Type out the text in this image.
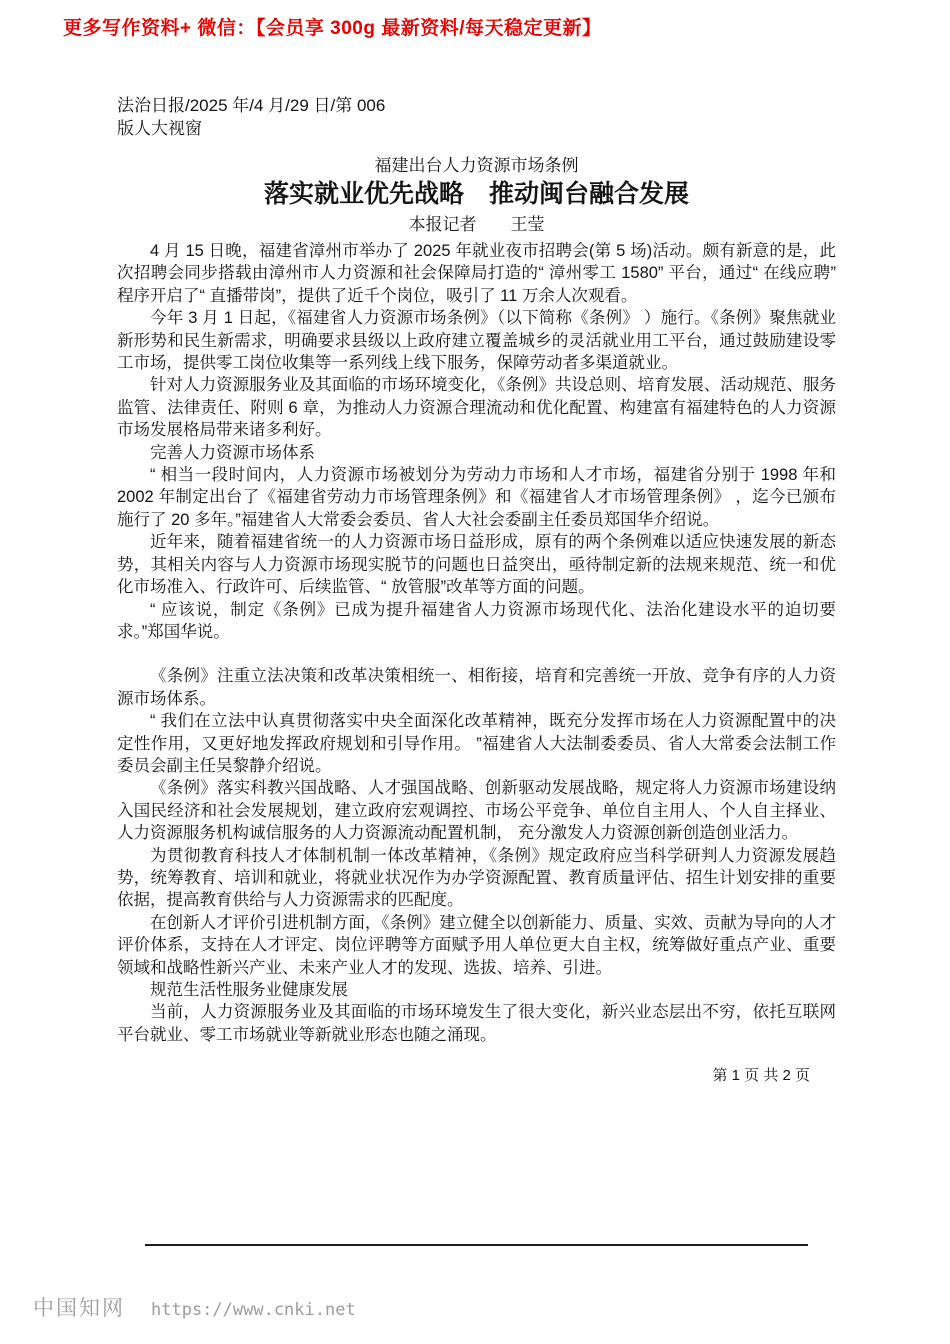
更多写作资料+ 微信：【会员享 300g 最新资料/每天稳定更新】
法治日报/2025 年/4 月/29 日/第 006
版人大视窗

福建出台人力资源市场条例

落实就业优先战略　推动闽台融合发展

本报记者 王莹

4 月 15 日晚，福建省漳州市举办了 2025 年就业夜市招聘会(第 5 场)活动。颇有新意的是，此次招聘会同步搭载由漳州市人力资源和社会保障局打造的“ 漳州零工 1580” 平台，通过“ 在线应聘” 程序开启了“ 直播带岗”，提供了近千个岗位，吸引了 11 万余人次观看。

今年 3 月 1 日起，《福建省人力资源市场条例》（以下简称《条例》 ）施行。《条例》聚焦就业新形势和民生新需求，明确要求县级以上政府建立覆盖城乡的灵活就业用工平台，通过鼓励建设零工市场，提供零工岗位收集等一系列线上线下服务，保障劳动者多渠道就业。

针对人力资源服务业及其面临的市场环境变化，《条例》共设总则、培育发展、活动规范、服务监管、法律责任、附则 6 章，为推动人力资源合理流动和优化配置、构建富有福建特色的人力资源市场发展格局带来诸多利好。

完善人力资源市场体系

“ 相当一段时间内，人力资源市场被划分为劳动力市场和人才市场，福建省分别于 1998 年和 2002 年制定出台了《福建省劳动力市场管理条例》和《福建省人才市场管理条例》 ，迄今已颁布施行了 20 多年。”福建省人大常委会委员、省人大社会委副主任委员郑国华介绍说。

近年来，随着福建省统一的人力资源市场日益形成，原有的两个条例难以适应快速发展的新态势，其相关内容与人力资源市场现实脱节的问题也日益突出，亟待制定新的法规来规范、统一和优化市场准入、行政许可、后续监管、“ 放管服”改革等方面的问题。

“ 应该说，制定《条例》已成为提升福建省人力资源市场现代化、法治化建设水平的迫切要求。”郑国华说。

《条例》注重立法决策和改革决策相统一、相衔接，培育和完善统一开放、竞争有序的人力资源市场体系。

“ 我们在立法中认真贯彻落实中央全面深化改革精神，既充分发挥市场在人力资源配置中的决定性作用，又更好地发挥政府规划和引导作用。 ”福建省人大法制委委员、省人大常委会法制工作委员会副主任吴黎静介绍说。

《条例》落实科教兴国战略、人才强国战略、创新驱动发展战略，规定将人力资源市场建设纳入国民经济和社会发展规划，建立政府宏观调控、市场公平竞争、单位自主用人、个人自主择业、 人力资源服务机构诚信服务的人力资源流动配置机制， 充分激发人力资源创新创造创业活力。

为贯彻教育科技人才体制机制一体改革精神，《条例》规定政府应当科学研判人力资源发展趋势，统筹教育、培训和就业，将就业状况作为办学资源配置、教育质量评估、招生计划安排的重要依据，提高教育供给与人力资源需求的匹配度。

在创新人才评价引进机制方面，《条例》建立健全以创新能力、质量、实效、贡献为导向的人才评价体系，支持在人才评定、岗位评聘等方面赋予用人单位更大自主权，统筹做好重点产业、重要领域和战略性新兴产业、未来产业人才的发现、选拔、培养、引进。

规范生活性服务业健康发展

当前，人力资源服务业及其面临的市场环境发生了很大变化，新兴业态层出不穷，依托互联网平台就业、零工市场就业等新就业形态也随之涌现。

第 1 页 共 2 页
中国知网 https://www.cnki.net
